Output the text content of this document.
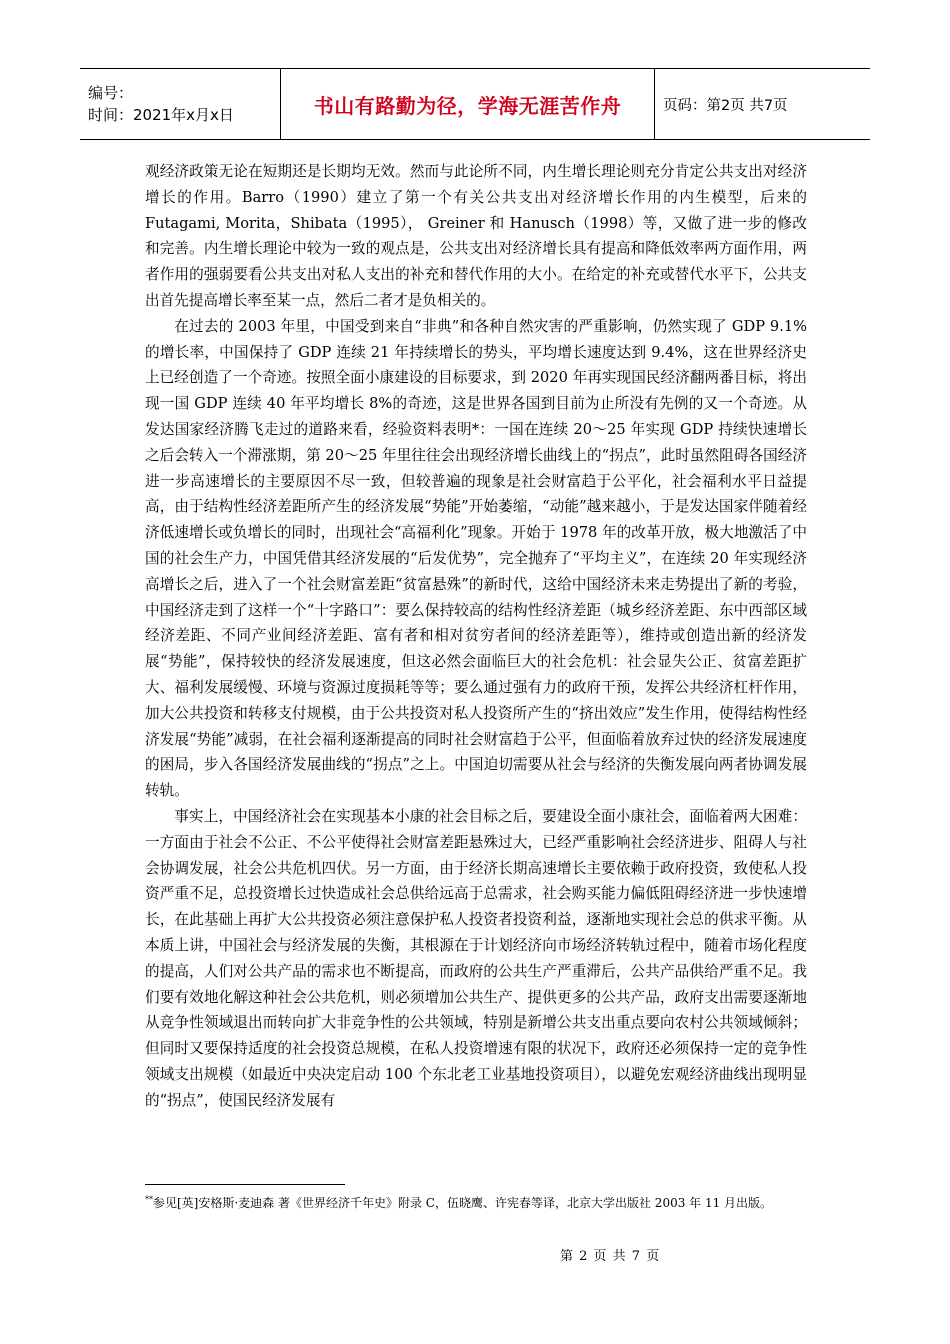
编号：
时间：2021年x月x日	书山有路勤为径，学海无涯苦作舟	页码：第2页 共7页

观经济政策无论在短期还是长期均无效。然而与此论所不同，内生增长理论则充分肯定公共支出对经济增长的作用。Barro（1990）建立了第一个有关公共支出对经济增长作用的内生模型，后来的 Futagami, Morita，Shibata（1995）， Greiner 和 Hanusch（1998）等，又做了进一步的修改和完善。内生增长理论中较为一致的观点是，公共支出对经济增长具有提高和降低效率两方面作用，两者作用的强弱要看公共支出对私人支出的补充和替代作用的大小。在给定的补充或替代水平下，公共支出首先提高增长率至某一点，然后二者才是负相关的。

在过去的 2003 年里，中国受到来自“非典”和各种自然灾害的严重影响，仍然实现了 GDP 9.1%的增长率，中国保持了 GDP 连续 21 年持续增长的势头，平均增长速度达到 9.4%，这在世界经济史上已经创造了一个奇迹。按照全面小康建设的目标要求，到 2020 年再实现国民经济翻两番目标，将出现一国 GDP 连续 40 年平均增长 8%的奇迹，这是世界各国到目前为止所没有先例的又一个奇迹。从发达国家经济腾飞走过的道路来看，经验资料表明*：一国在连续 20～25 年实现 GDP 持续快速增长之后会转入一个滞涨期，第 20～25 年里往往会出现经济增长曲线上的“拐点”，此时虽然阻碍各国经济进一步高速增长的主要原因不尽一致，但较普遍的现象是社会财富趋于公平化，社会福利水平日益提高，由于结构性经济差距所产生的经济发展“势能”开始萎缩，“动能”越来越小，于是发达国家伴随着经济低速增长或负增长的同时，出现社会“高福利化”现象。开始于 1978 年的改革开放，极大地激活了中国的社会生产力，中国凭借其经济发展的“后发优势”，完全抛弃了“平均主义”，在连续 20 年实现经济高增长之后，进入了一个社会财富差距“贫富悬殊”的新时代，这给中国经济未来走势提出了新的考验，中国经济走到了这样一个“十字路口”：要么保持较高的结构性经济差距（城乡经济差距、东中西部区域经济差距、不同产业间经济差距、富有者和相对贫穷者间的经济差距等），维持或创造出新的经济发展“势能”，保持较快的经济发展速度，但这必然会面临巨大的社会危机：社会显失公正、贫富差距扩大、福利发展缓慢、环境与资源过度损耗等等；要么通过强有力的政府干预，发挥公共经济杠杆作用，加大公共投资和转移支付规模，由于公共投资对私人投资所产生的“挤出效应”发生作用，使得结构性经济发展“势能”减弱，在社会福利逐渐提高的同时社会财富趋于公平，但面临着放弃过快的经济发展速度的困局，步入各国经济发展曲线的“拐点”之上。中国迫切需要从社会与经济的失衡发展向两者协调发展转轨。

事实上，中国经济社会在实现基本小康的社会目标之后，要建设全面小康社会，面临着两大困难：一方面由于社会不公正、不公平使得社会财富差距悬殊过大，已经严重影响社会经济进步、阻碍人与社会协调发展，社会公共危机四伏。另一方面，由于经济长期高速增长主要依赖于政府投资，致使私人投资严重不足，总投资增长过快造成社会总供给远高于总需求，社会购买能力偏低阻碍经济进一步快速增长，在此基础上再扩大公共投资必须注意保护私人投资者投资利益，逐渐地实现社会总的供求平衡。从本质上讲，中国社会与经济发展的失衡，其根源在于计划经济向市场经济转轨过程中，随着市场化程度的提高，人们对公共产品的需求也不断提高，而政府的公共生产严重滞后，公共产品供给严重不足。我们要有效地化解这种社会公共危机，则必须增加公共生产、提供更多的公共产品，政府支出需要逐渐地从竞争性领域退出而转向扩大非竞争性的公共领域，特别是新增公共支出重点要向农村公共领域倾斜；但同时又要保持适度的社会投资总规模，在私人投资增速有限的状况下，政府还必须保持一定的竞争性领域支出规模（如最近中央决定启动 100 个东北老工业基地投资项目），以避免宏观经济曲线出现明显的“拐点”，使国民经济发展有

**参见[英]安格斯·麦迪森 著《世界经济千年史》附录 C，伍晓鹰、许宪春等译，北京大学出版社 2003 年 11 月出版。
第 2 页 共 7 页
